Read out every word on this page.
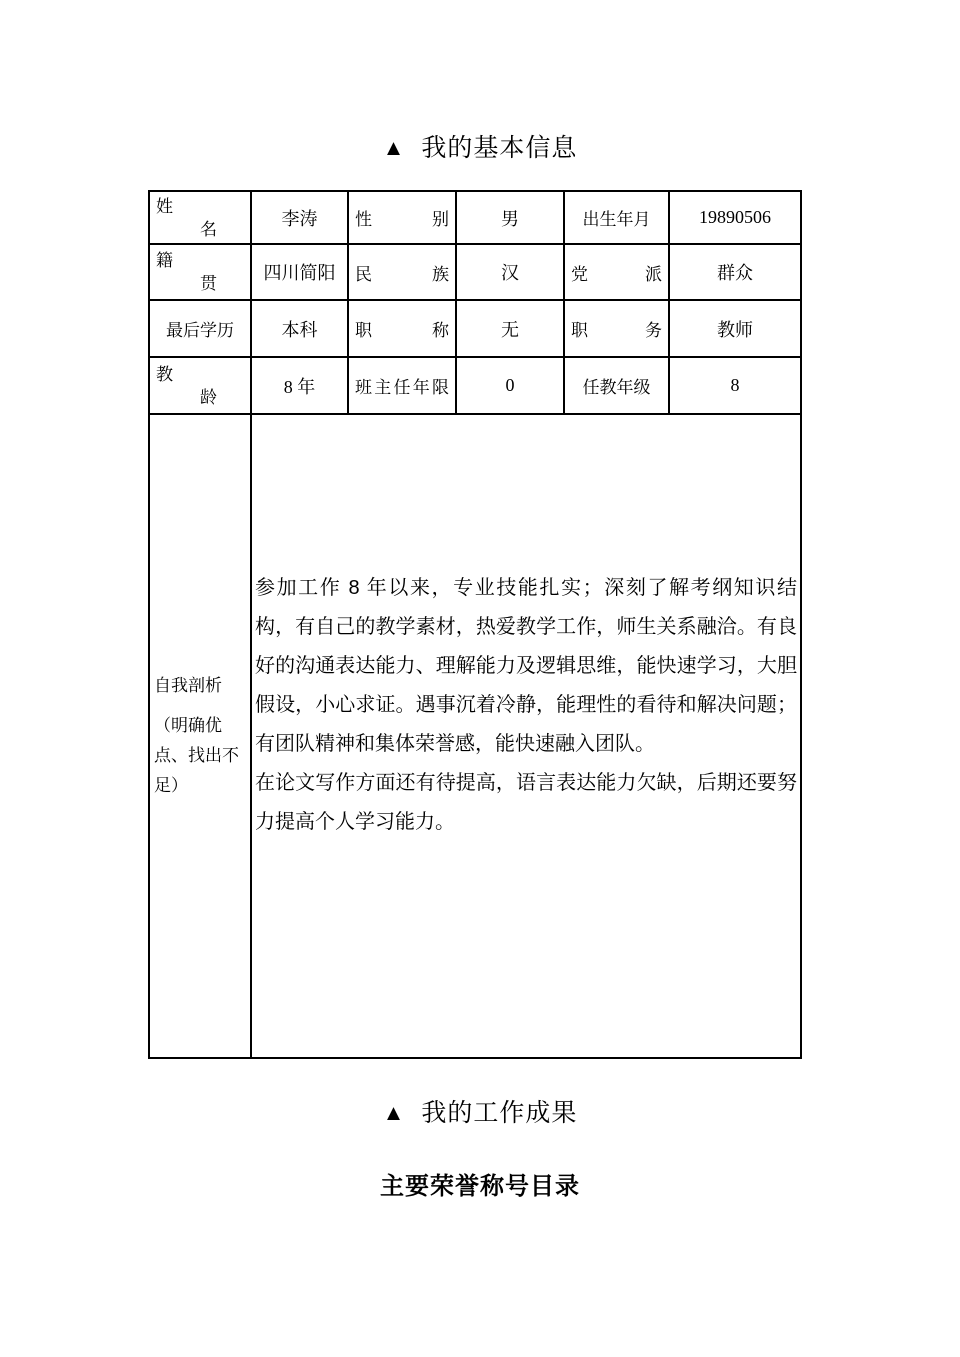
▲ 我的基本信息
姓
名	李涛	性别	男	出生年月	19890506

籍
贯	四川简阳	民族	汉	党派	群众
最后学历	本科	职称	无	职务	教师

教
龄	8 年	班主任年限	0	任教年级	8

自我剖析
（明确优
点、找出不
足）

参加工作 8 年以来，专业技能扎实；深刻了解考纲知识结构，有自己的教学素材，热爱教学工作，师生关系融洽。有良好的沟通表达能力、理解能力及逻辑思维，能快速学习，大胆假设，小心求证。遇事沉着冷静，能理性的看待和解决问题；有团队精神和集体荣誉感，能快速融入团队。

在论文写作方面还有待提高，语言表达能力欠缺，后期还要努力提高个人学习能力。

▲ 我的工作成果
主要荣誉称号目录
